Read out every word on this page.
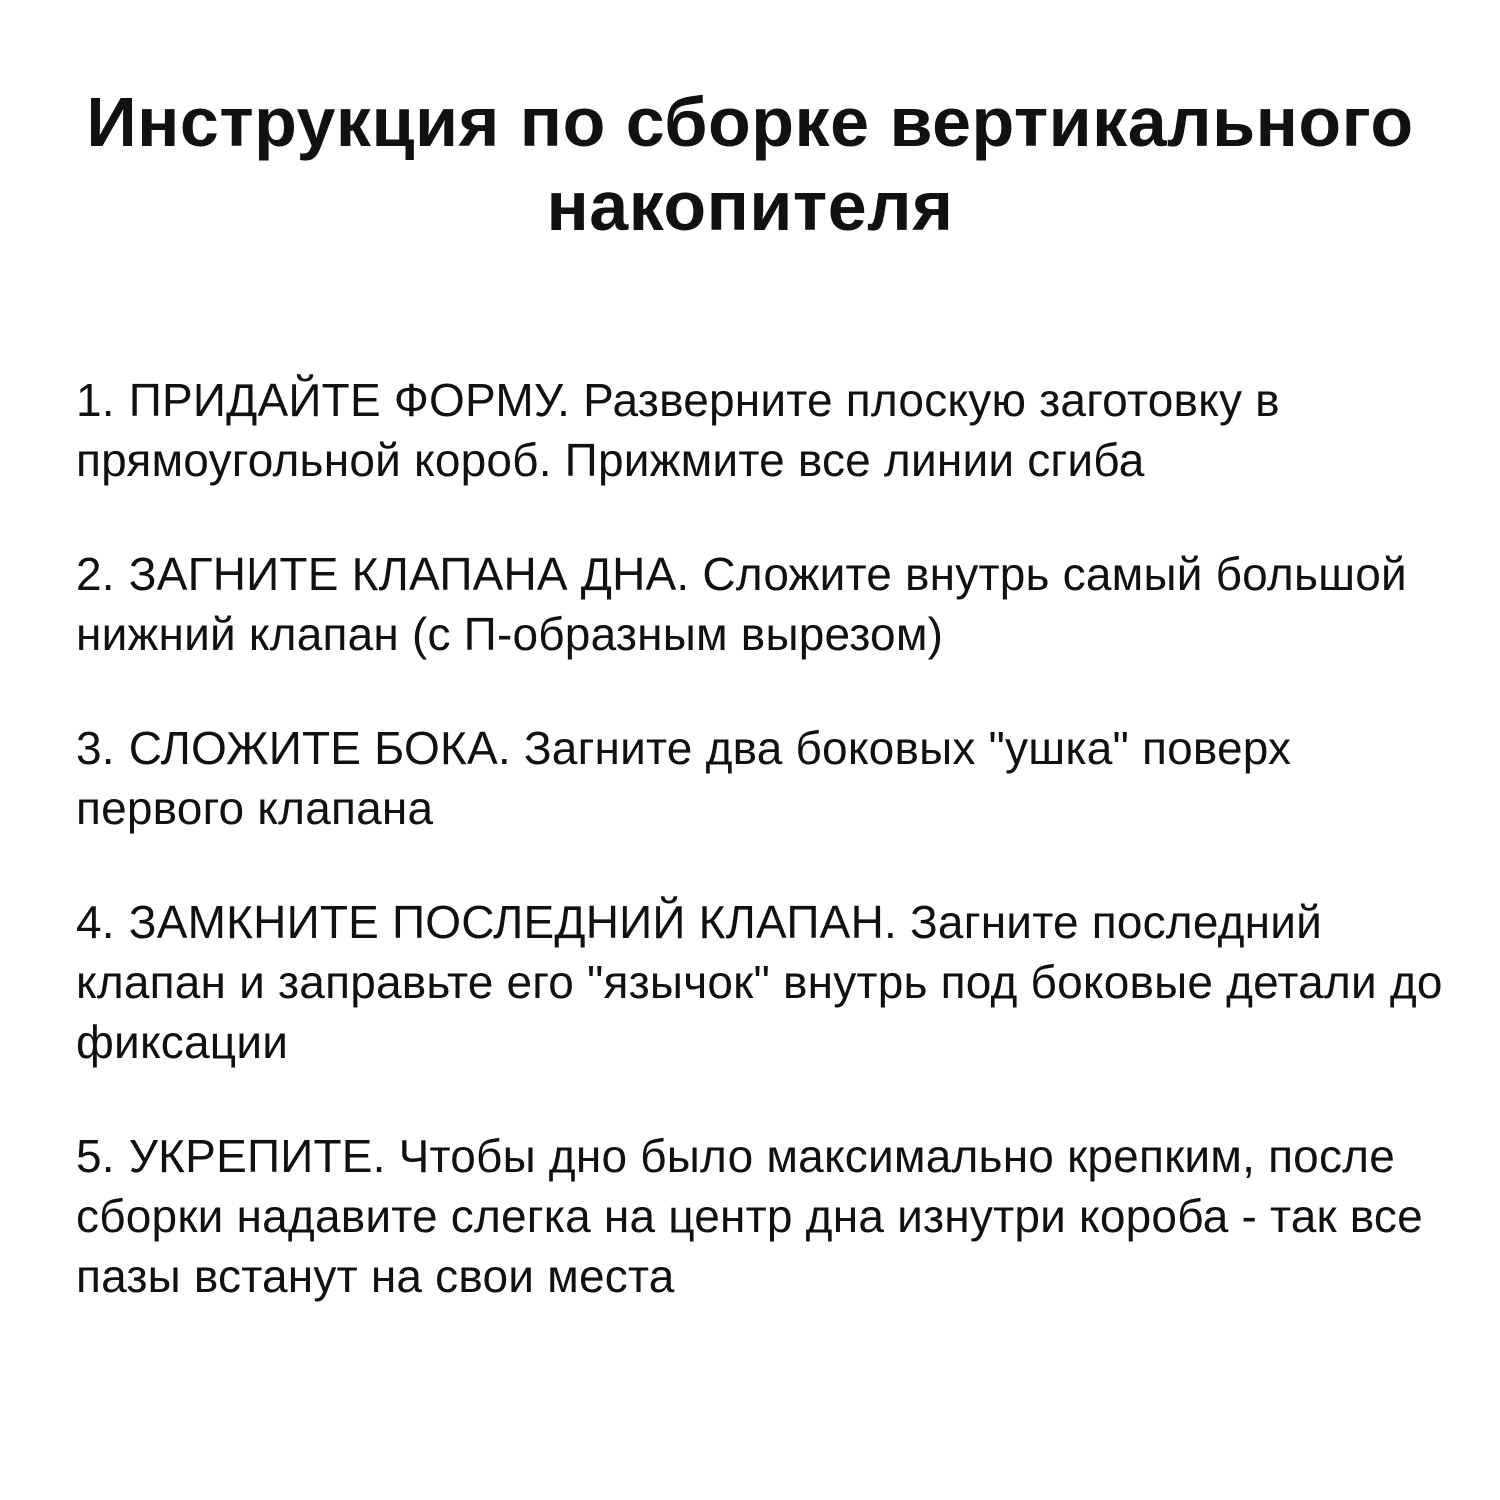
Инструкция по сборке вертикального накопителя
1. ПРИДАЙТЕ ФОРМУ. Разверните плоскую заготовку в прямоугольной короб. Прижмите все линии сгиба
2. ЗАГНИТЕ КЛАПАНА ДНА. Сложите внутрь самый большой нижний клапан (с П-образным вырезом)
3. СЛОЖИТЕ БОКА. Загните два боковых "ушка" поверх первого клапана
4. ЗАМКНИТЕ ПОСЛЕДНИЙ КЛАПАН. Загните последний клапан и заправьте его "язычок" внутрь под боковые детали до фиксации
5. УКРЕПИТЕ. Чтобы дно было максимально крепким, после сборки надавите слегка на центр дна изнутри короба - так все пазы встанут на свои места
